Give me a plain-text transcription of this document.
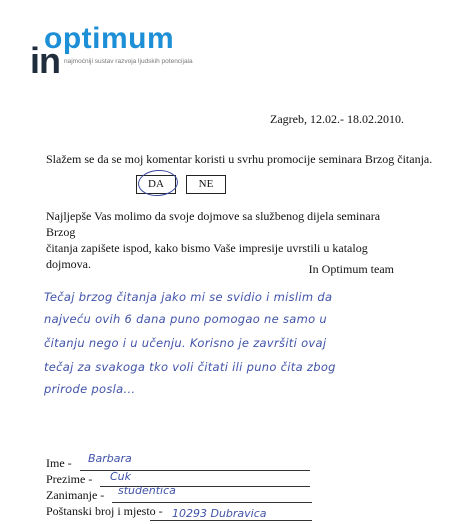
optimum
in najmoćniji sustav razvoja ljudskih potencijala
Zagreb, 12.02.- 18.02.2010.
Slažem se da se moj komentar koristi u svrhu promocije seminara Brzog čitanja.
DA	NE
Najljepše Vas molimo da svoje dojmove sa službenog dijela seminara Brzog
čitanja zapišete ispod, kako bismo Vaše impresije uvrstili u katalog dojmova.	In Optimum team
Tečaj brzog čitanja jako mi se svidio i mislim da
najveću ovih 6 dana puno pomogao ne samo u
čitanju nego i u učenju. Korisno je završiti ovaj
tečaj za svakoga tko voli čitati ili puno čita zbog
prirode posla...
Ime - Barbara
Prezime - Ćuk
Zanimanje - studentica
Poštanski broj i mjesto - 10293 Dubravica
